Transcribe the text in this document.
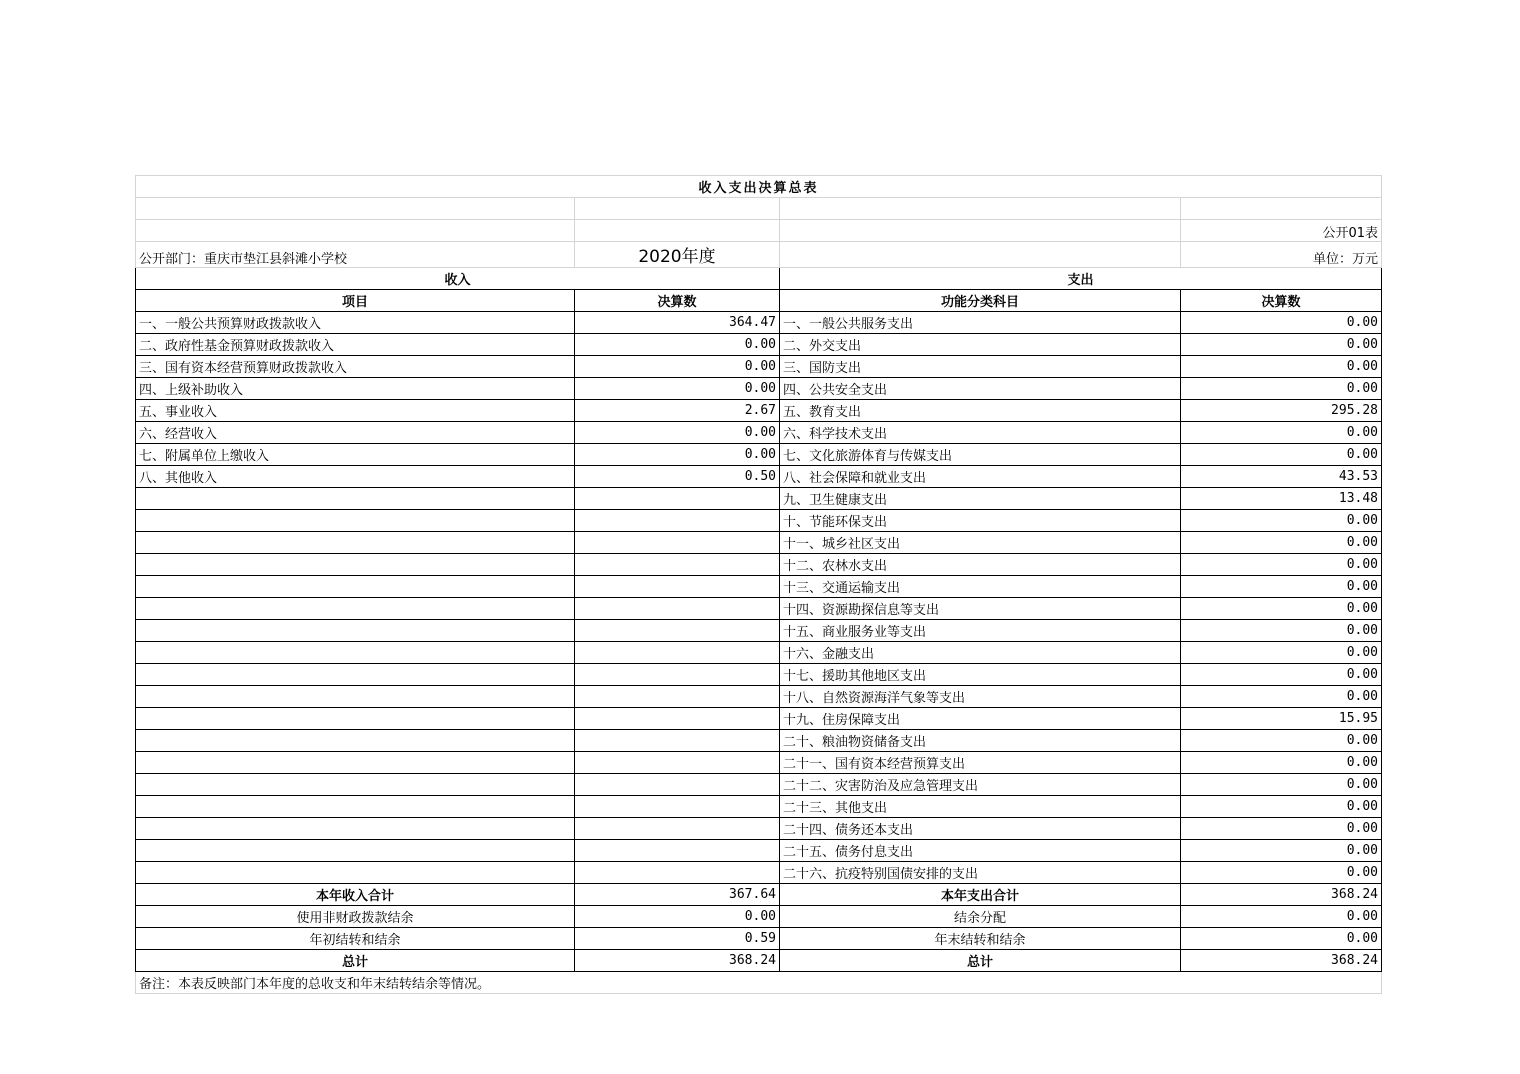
收入支出决算总表			

			公开01表
公开部门：重庆市垫江县斜滩小学校	2020年度		单位：万元
收入		支出	
项目	决算数	功能分类科目	决算数
一、一般公共预算财政拨款收入	364.47	一、一般公共服务支出	0.00
二、政府性基金预算财政拨款收入	0.00	二、外交支出	0.00
三、国有资本经营预算财政拨款收入	0.00	三、国防支出	0.00
四、上级补助收入	0.00	四、公共安全支出	0.00
五、事业收入	2.67	五、教育支出	295.28
六、经营收入	0.00	六、科学技术支出	0.00
七、附属单位上缴收入	0.00	七、文化旅游体育与传媒支出	0.00
八、其他收入	0.50	八、社会保障和就业支出	43.53
		九、卫生健康支出	13.48
		十、节能环保支出	0.00
		十一、城乡社区支出	0.00
		十二、农林水支出	0.00
		十三、交通运输支出	0.00
		十四、资源勘探信息等支出	0.00
		十五、商业服务业等支出	0.00
		十六、金融支出	0.00
		十七、援助其他地区支出	0.00
		十八、自然资源海洋气象等支出	0.00
		十九、住房保障支出	15.95
		二十、粮油物资储备支出	0.00
		二十一、国有资本经营预算支出	0.00
		二十二、灾害防治及应急管理支出	0.00
		二十三、其他支出	0.00
		二十四、债务还本支出	0.00
		二十五、债务付息支出	0.00
		二十六、抗疫特别国债安排的支出	0.00
本年收入合计	367.64	本年支出合计	368.24
使用非财政拨款结余	0.00	结余分配	0.00
年初结转和结余	0.59	年末结转和结余	0.00
总计	368.24	总计	368.24
备注：本表反映部门本年度的总收支和年末结转结余等情况。			
